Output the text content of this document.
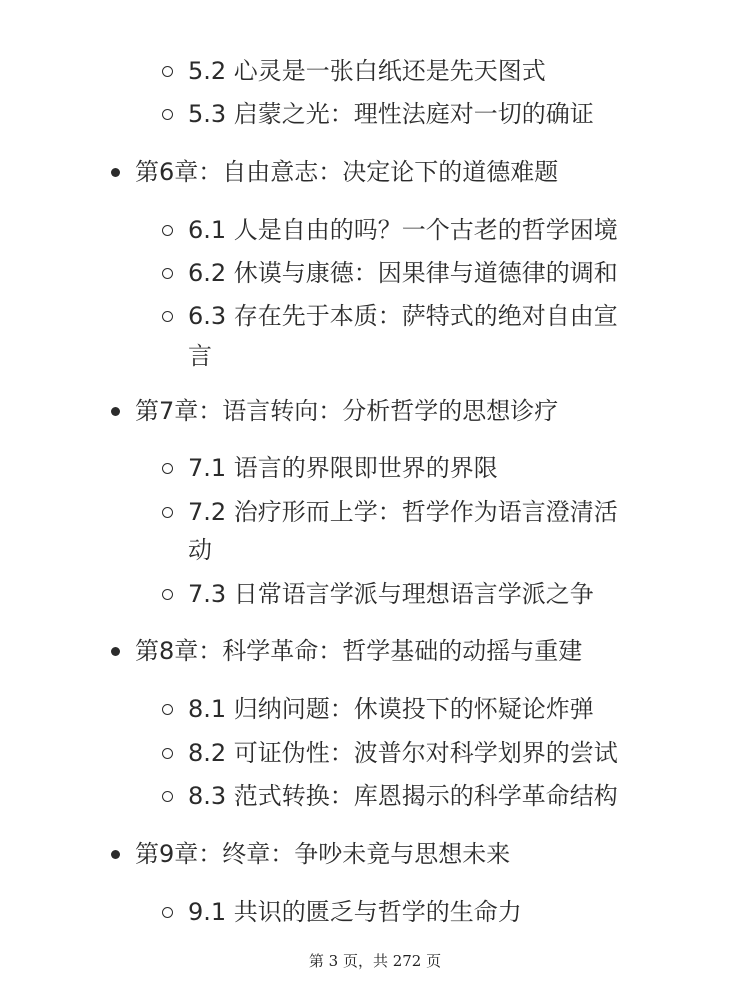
5.2 心灵是一张白纸还是先天图式
5.3 启蒙之光：理性法庭对一切的确证
第6章：自由意志：决定论下的道德难题
6.1 人是自由的吗？一个古老的哲学困境
6.2 休谟与康德：因果律与道德律的调和
6.3 存在先于本质：萨特式的绝对自由宣
言
第7章：语言转向：分析哲学的思想诊疗
7.1 语言的界限即世界的界限
7.2 治疗形而上学：哲学作为语言澄清活
动
7.3 日常语言学派与理想语言学派之争
第8章：科学革命：哲学基础的动摇与重建
8.1 归纳问题：休谟投下的怀疑论炸弹
8.2 可证伪性：波普尔对科学划界的尝试
8.3 范式转换：库恩揭示的科学革命结构
第9章：终章：争吵未竟与思想未来
9.1 共识的匮乏与哲学的生命力
第 3 页，共 272 页
